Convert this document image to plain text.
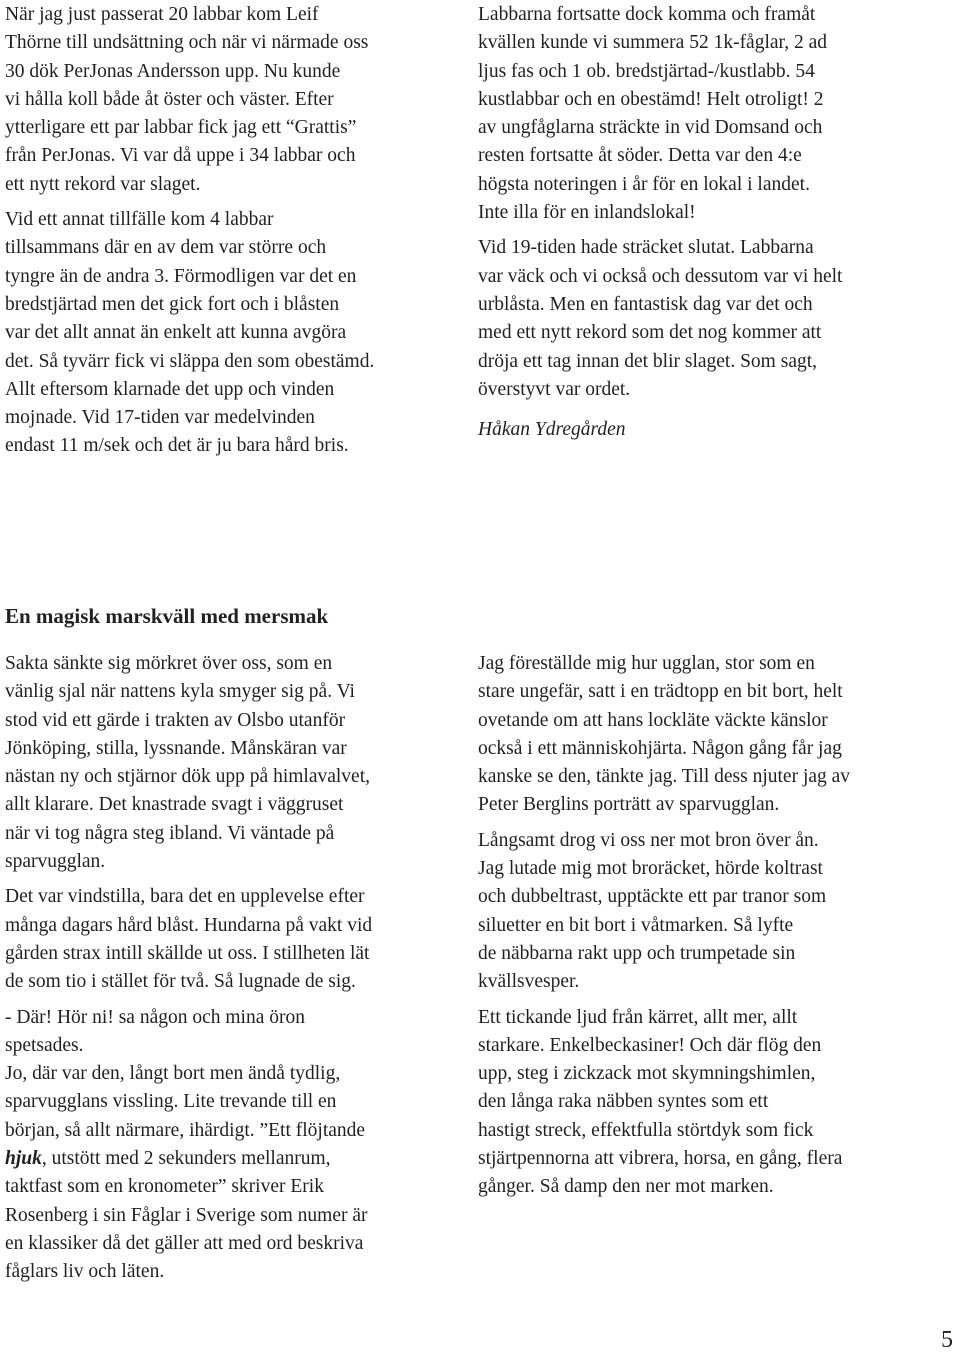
När jag just passerat 20 labbar kom Leif
Thörne till undsättning och när vi närmade oss
30 dök PerJonas Andersson upp. Nu kunde
vi hålla koll både åt öster och väster. Efter
ytterligare ett par labbar fick jag ett “Grattis”
från PerJonas. Vi var då uppe i 34 labbar och
ett nytt rekord var slaget.

Vid ett annat tillfälle kom 4 labbar
tillsammans där en av dem var större och
tyngre än de andra 3. Förmodligen var det en
bredstjärtad men det gick fort och i blåsten
var det allt annat än enkelt att kunna avgöra
det. Så tyvärr fick vi släppa den som obestämd.
Allt eftersom klarnade det upp och vinden
mojnade. Vid 17-tiden var medelvinden
endast 11 m/sek och det är ju bara hård bris.

Labbarna fortsatte dock komma och framåt
kvällen kunde vi summera 52 1k-fåglar, 2 ad
ljus fas och 1 ob. bredstjärtad-/kustlabb. 54
kustlabbar och en obestämd! Helt otroligt! 2
av ungfåglarna sträckte in vid Domsand och
resten fortsatte åt söder. Detta var den 4:e
högsta noteringen i år för en lokal i landet.
Inte illa för en inlandslokal!

Vid 19-tiden hade sträcket slutat. Labbarna
var väck och vi också och dessutom var vi helt
urblåsta. Men en fantastisk dag var det och
med ett nytt rekord som det nog kommer att
dröja ett tag innan det blir slaget. Som sagt,
överstyvt var ordet.

Håkan Ydregården

En magisk marskväll med mersmak

Sakta sänkte sig mörkret över oss, som en
vänlig sjal när nattens kyla smyger sig på. Vi
stod vid ett gärde i trakten av Olsbo utanför
Jönköping, stilla, lyssnande. Månskäran var
nästan ny och stjärnor dök upp på himlavalvet,
allt klarare. Det knastrade svagt i väggruset
när vi tog några steg ibland. Vi väntade på
sparvugglan.

Det var vindstilla, bara det en upplevelse efter
många dagars hård blåst. Hundarna på vakt vid
gården strax intill skällde ut oss. I stillheten lät
de som tio i stället för två. Så lugnade de sig.

- Där! Hör ni! sa någon och mina öron
spetsades.

Jo, där var den, långt bort men ändå tydlig,
sparvugglans vissling. Lite trevande till en
början, så allt närmare, ihärdigt. ”Ett flöjtande
hjuk, utstött med 2 sekunders mellanrum,
taktfast som en kronometer” skriver Erik
Rosenberg i sin Fåglar i Sverige som numer är
en klassiker då det gäller att med ord beskriva
fåglars liv och läten.

Jag föreställde mig hur ugglan, stor som en
stare ungefär, satt i en trädtopp en bit bort, helt
ovetande om att hans lockläte väckte känslor
också i ett människohjärta. Någon gång får jag
kanske se den, tänkte jag. Till dess njuter jag av
Peter Berglins porträtt av sparvugglan.

Långsamt drog vi oss ner mot bron över ån.
Jag lutade mig mot broräcket, hörde koltrast
och dubbeltrast, upptäckte ett par tranor som
siluetter en bit bort i våtmarken. Så lyfte
de näbbarna rakt upp och trumpetade sin
kvällsvesper.

Ett tickande ljud från kärret, allt mer, allt
starkare. Enkelbeckasiner! Och där flög den
upp, steg i zickzack mot skymningshimlen,
den långa raka näbben syntes som ett
hastigt streck, effektfulla störtdyk som fick
stjärtpennorna att vibrera, horsa, en gång, flera
gånger. Så damp den ner mot marken.

5
